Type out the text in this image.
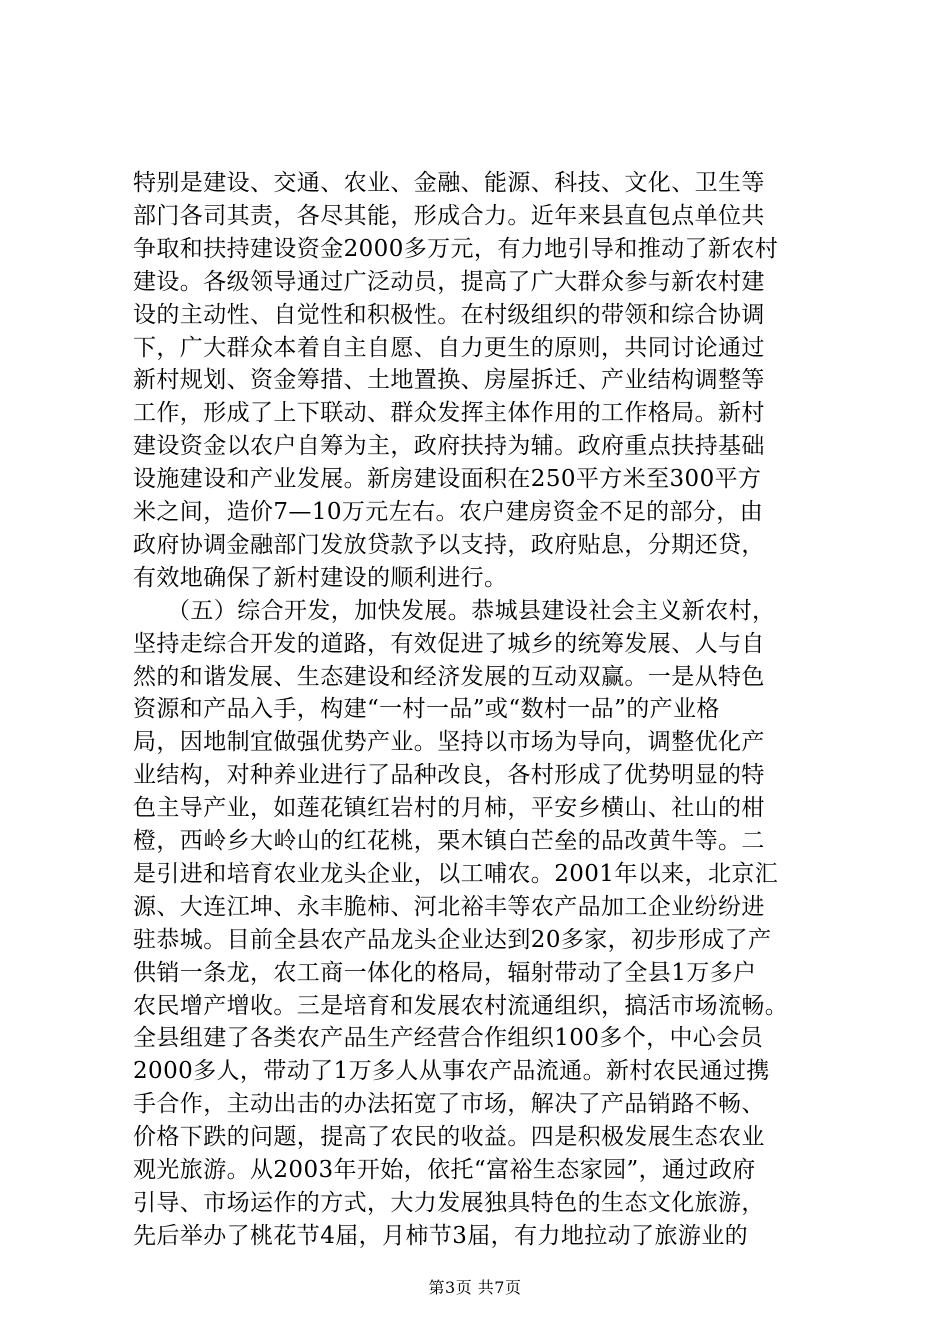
特别是建设、交通、农业、金融、能源、科技、文化、卫生等
部门各司其责，各尽其能，形成合力。近年来县直包点单位共
争取和扶持建设资金2000多万元，有力地引导和推动了新农村
建设。各级领导通过广泛动员，提高了广大群众参与新农村建
设的主动性、自觉性和积极性。在村级组织的带领和综合协调
下，广大群众本着自主自愿、自力更生的原则，共同讨论通过
新村规划、资金筹措、土地置换、房屋拆迁、产业结构调整等
工作，形成了上下联动、群众发挥主体作用的工作格局。新村
建设资金以农户自筹为主，政府扶持为辅。政府重点扶持基础
设施建设和产业发展。新房建设面积在250平方米至300平方
米之间，造价7—10万元左右。农户建房资金不足的部分，由
政府协调金融部门发放贷款予以支持，政府贴息，分期还贷，
有效地确保了新村建设的顺利进行。
（五）综合开发，加快发展。恭城县建设社会主义新农村，
坚持走综合开发的道路，有效促进了城乡的统筹发展、人与自
然的和谐发展、生态建设和经济发展的互动双赢。一是从特色
资源和产品入手，构建“一村一品”或“数村一品”的产业格
局，因地制宜做强优势产业。坚持以市场为导向，调整优化产
业结构，对种养业进行了品种改良，各村形成了优势明显的特
色主导产业，如莲花镇红岩村的月柿，平安乡横山、社山的柑
橙，西岭乡大岭山的红花桃，栗木镇白芒垒的品改黄牛等。二
是引进和培育农业龙头企业，以工哺农。2001年以来，北京汇
源、大连江坤、永丰脆柿、河北裕丰等农产品加工企业纷纷进
驻恭城。目前全县农产品龙头企业达到20多家，初步形成了产
供销一条龙，农工商一体化的格局，辐射带动了全县1万多户
农民增产增收。三是培育和发展农村流通组织，搞活市场流畅。
全县组建了各类农产品生产经营合作组织100多个，中心会员
2000多人，带动了1万多人从事农产品流通。新村农民通过携
手合作，主动出击的办法拓宽了市场，解决了产品销路不畅、
价格下跌的问题，提高了农民的收益。四是积极发展生态农业
观光旅游。从2003年开始，依托“富裕生态家园”，通过政府
引导、市场运作的方式，大力发展独具特色的生态文化旅游，
先后举办了桃花节4届，月柿节3届，有力地拉动了旅游业的
第3页 共7页
